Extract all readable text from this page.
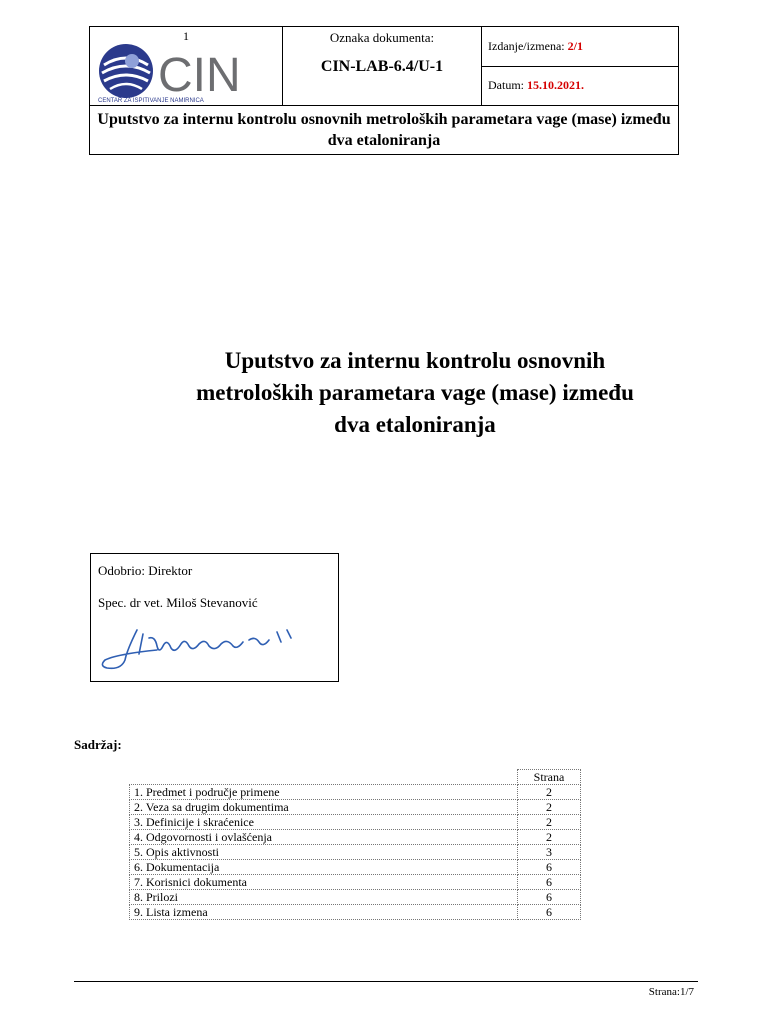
1
CIN
CENTAR ZA ISPITIVANJE NAMIRNICA

Oznaka dokumenta:
CIN-LAB-6.4/U-1
	Izdanje/izmena: 2/1
Datum: 15.10.2021.
Uputstvo za internu kontrolu osnovnih metroloških parametara vage (mase) između dva etaloniranja
Uputstvo za internu kontrolu osnovnih
metroloških parametara vage (mase) između
dva etaloniranja
Odobrio: Direktor
Spec. dr vet. Miloš Stevanović
Sadržaj:
	Strana
1. Predmet i područje primene	2
2. Veza sa drugim dokumentima	2
3. Definicije i skraćenice	2
4. Odgovornosti i ovlašćenja	2
5. Opis aktivnosti	3
6. Dokumentacija	6
7. Korisnici dokumenta	6
8. Prilozi	6
9. Lista izmena	6
Strana:1/7
